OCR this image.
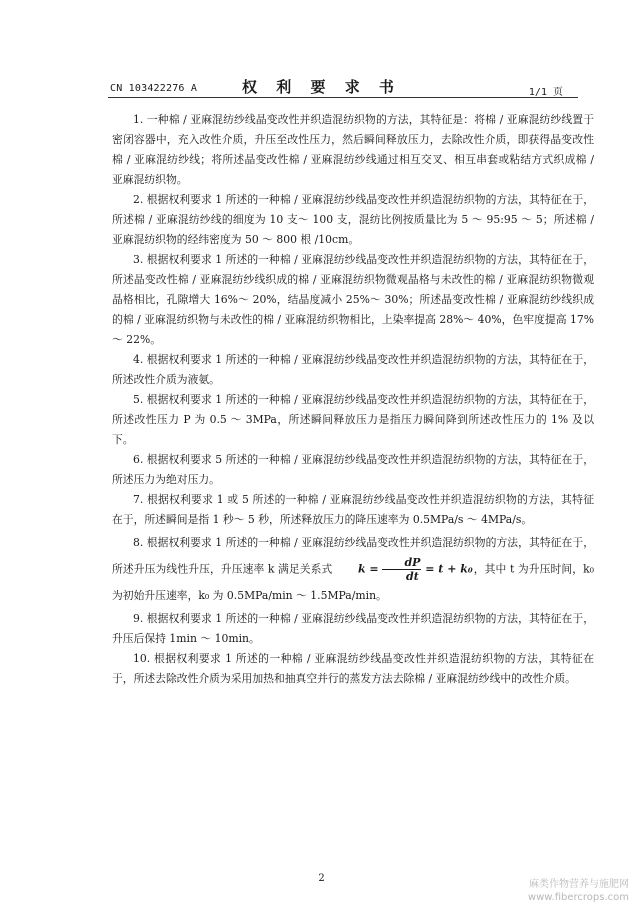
CN 103422276 A	权 利 要 求 书	1/1 页

1. 一种棉 / 亚麻混纺纱线晶变改性并织造混纺织物的方法，其特征是：将棉 / 亚麻混纺纱线置于密闭容器中，充入改性介质，升压至改性压力，然后瞬间释放压力，去除改性介质，即获得晶变改性棉 / 亚麻混纺纱线；将所述晶变改性棉 / 亚麻混纺纱线通过相互交叉、相互串套或粘结方式织成棉 / 亚麻混纺织物。

2. 根据权利要求 1 所述的一种棉 / 亚麻混纺纱线晶变改性并织造混纺织物的方法，其特征在于，所述棉 / 亚麻混纺纱线的细度为 10 支～ 100 支，混纺比例按质量比为 5 ～ 95:95 ～ 5；所述棉 / 亚麻混纺织物的经纬密度为 50 ～ 800 根 /10cm。

3. 根据权利要求 1 所述的一种棉 / 亚麻混纺纱线晶变改性并织造混纺织物的方法，其特征在于，所述晶变改性棉 / 亚麻混纺纱线织成的棉 / 亚麻混纺织物微观晶格与未改性的棉 / 亚麻混纺织物微观晶格相比，孔隙增大 16%～ 20%，结晶度减小 25%～ 30%；所述晶变改性棉 / 亚麻混纺纱线织成的棉 / 亚麻混纺织物与未改性的棉 / 亚麻混纺织物相比，上染率提高 28%～ 40%，色牢度提高 17%～ 22%。

4. 根据权利要求 1 所述的一种棉 / 亚麻混纺纱线晶变改性并织造混纺织物的方法，其特征在于，所述改性介质为液氨。

5. 根据权利要求 1 所述的一种棉 / 亚麻混纺纱线晶变改性并织造混纺织物的方法，其特征在于，所述改性压力 P 为 0.5 ～ 3MPa，所述瞬间释放压力是指压力瞬间降到所述改性压力的 1% 及以下。

6. 根据权利要求 5 所述的一种棉 / 亚麻混纺纱线晶变改性并织造混纺织物的方法，其特征在于，所述压力为绝对压力。

7. 根据权利要求 1 或 5 所述的一种棉 / 亚麻混纺纱线晶变改性并织造混纺织物的方法，其特征在于，所述瞬间是指 1 秒～ 5 秒，所述释放压力的降压速率为 0.5MPa/s ～ 4MPa/s。

8. 根据权利要求 1 所述的一种棉 / 亚麻混纺纱线晶变改性并织造混纺织物的方法，其特征在于，所述升压为线性升压，升压速率 k 满足关系式 $k = \frac{dP}{dt} = t + k_0$，其中 t 为升压时间，k₀ 为初始升压速率，k₀ 为 0.5MPa/min ～ 1.5MPa/min。

9. 根据权利要求 1 所述的一种棉 / 亚麻混纺纱线晶变改性并织造混纺织物的方法，其特征在于，升压后保持 1min ～ 10min。

10. 根据权利要求 1 所述的一种棉 / 亚麻混纺纱线晶变改性并织造混纺织物的方法，其特征在于，所述去除改性介质为采用加热和抽真空并行的蒸发方法去除棉 / 亚麻混纺纱线中的改性介质。

2
麻类作物营养与施肥网
www.fibercrops.com
